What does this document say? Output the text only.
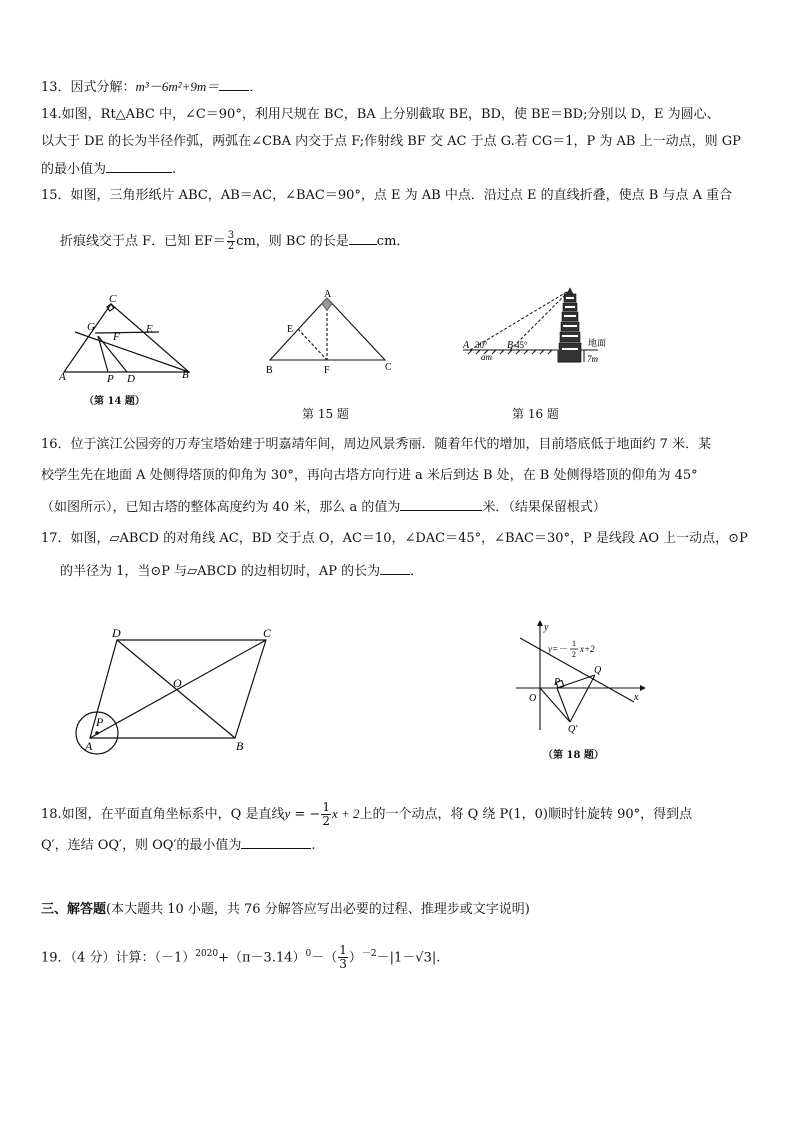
13．因式分解：m³－6m²+9m＝ ．
14.如图，Rt△ABC 中，∠C＝90°，利用尺规在 BC，BA 上分别截取 BE，BD，使 BE＝BD;分别以 D，E 为圆心、
以大于 DE 的长为半径作弧，两弧在∠CBA 内交于点 F;作射线 BF 交 AC 于点 G.若 CG＝1，P 为 AB 上一动点，则 GP
的最小值为	.
15．如图，三角形纸片 ABC，AB＝AC，∠BAC＝90°，点 E 为 AB 中点．沿过点 E 的直线折叠，使点 B 与点 A 重合
折痕线交于点 F．已知 $EF= \frac{3}{2}$ cm，则 BC 的长是 cm．
C
G
F
E
A	P D	B
（第 14 题）
A
E
B	F	C
第 15 题
A 30° B 45°
am
地面
7m
第 16 题
16．位于滨江公园旁的万寿宝塔始建于明嘉靖年间，周边风景秀丽．随着年代的增加，目前塔底低于地面约 7 米．某
校学生先在地面 A 处侧得塔顶的仰角为 30°，再向古塔方向行进 a 米后到达 B 处，在 B 处侧得塔顶的仰角为 45°
（如图所示），已知古塔的整体高度约为 40 米，那么 a 的值为	米．（结果保留根式）
17．如图，▱ABCD 的对角线 AC，BD 交于点 O，AC＝10，∠DAC＝45°，∠BAC＝30°，P 是线段 AO 上一动点，⊙P
的半径为 1，当⊙P 与▱ABCD 的边相切时，AP 的长为 ．
D	C
O
P
A	B
y
x
O
P
Q
Q′
y=－
1
2
x+2
（第 18 题）
18.如图，在平面直角坐标系中，Q 是直线y = − $\frac{1}{2}$ x + 2上的一个动点，将 Q 绕 P(1，0)顺时针旋转 90°，得到点
Q′，连结 OQ′，则 OQ′的最小值为	.
三、解答题(本大题共 10 小题，共 76 分解答应写出必要的过程、推理步或文字说明)
19．（4 分）计算：$(-1)^{2020}+(\pi-3.14)^0-( \frac{1}{3} )^{-2}-|1-√3|$.
